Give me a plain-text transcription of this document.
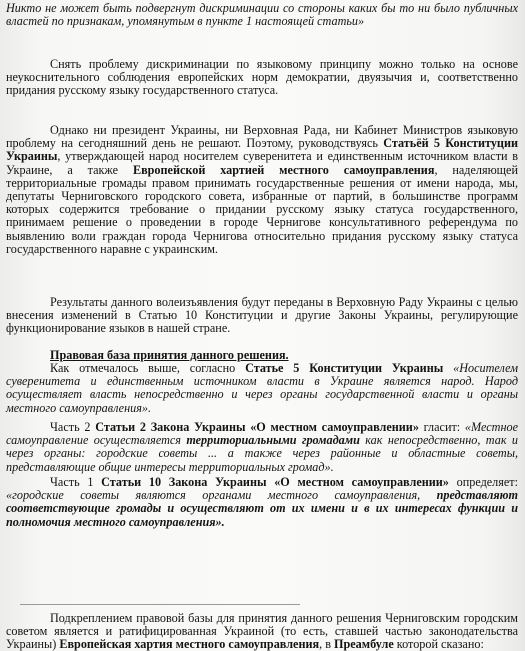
Никто не может быть подвергнут дискриминации со стороны каких бы то ни было публичных властей по признакам, упомянутым в пункте 1 настоящей статьи»

Снять проблему дискриминации по языковому принципу можно только на основе неукоснительного соблюдения европейских норм демократии, двуязычия и, соответственно придания русскому языку государственного статуса.

Однако ни президент Украины, ни Верховная Рада, ни Кабинет Министров языковую проблему на сегодняшний день не решают. Поэтому, руководствуясь Статьёй 5 Конституции Украины, утверждающей народ носителем суверенитета и единственным источником власти в Украине, а также Европейской хартией местного самоуправления, наделяющей территориальные громады правом принимать государственные решения от имени народа, мы, депутаты Черниговского городского совета, избранные от партий, в большинстве программ которых содержится требование о придании русскому языку статуса государственного, принимаем решение о проведении в городе Чернигове консультативного референдума по выявлению воли граждан города Чернигова относительно придания русскому языку статуса государственного наравне с украинским.

Результаты данного волеизъявления будут переданы в Верховную Раду Украины с целью внесения изменений в Статью 10 Конституции и другие Законы Украины, регулирующие функционирование языков в нашей стране.

Правовая база принятия данного решения.

Как отмечалось выше, согласно Статье 5 Конституции Украины «Носителем суверенитета и единственным источником власти в Украине является народ. Народ осуществляет власть непосредственно и через органы государственной власти и органы местного самоуправления».

Часть 2 Статьи 2 Закона Украины «О местном самоуправлении» гласит: «Местное самоуправление осуществляется территориальными громадами как непосредственно, так и через органы: городские советы ... а также через районные и областные советы, представляющие общие интересы территориальных громад».

Часть 1 Статьи 10 Закона Украины «О местном самоуправлении» определяет: «городские советы являются органами местного самоуправления, представляют соответствующие громады и осуществляют от их имени и в их интересах функции и полномочия местного самоуправления».

Подкреплением правовой базы для принятия данного решения Черниговским городским советом является и ратифицированная Украиной (то есть, ставшей частью законодательства Украины) Европейская хартия местного самоуправления, в Преамбуле которой сказано:
